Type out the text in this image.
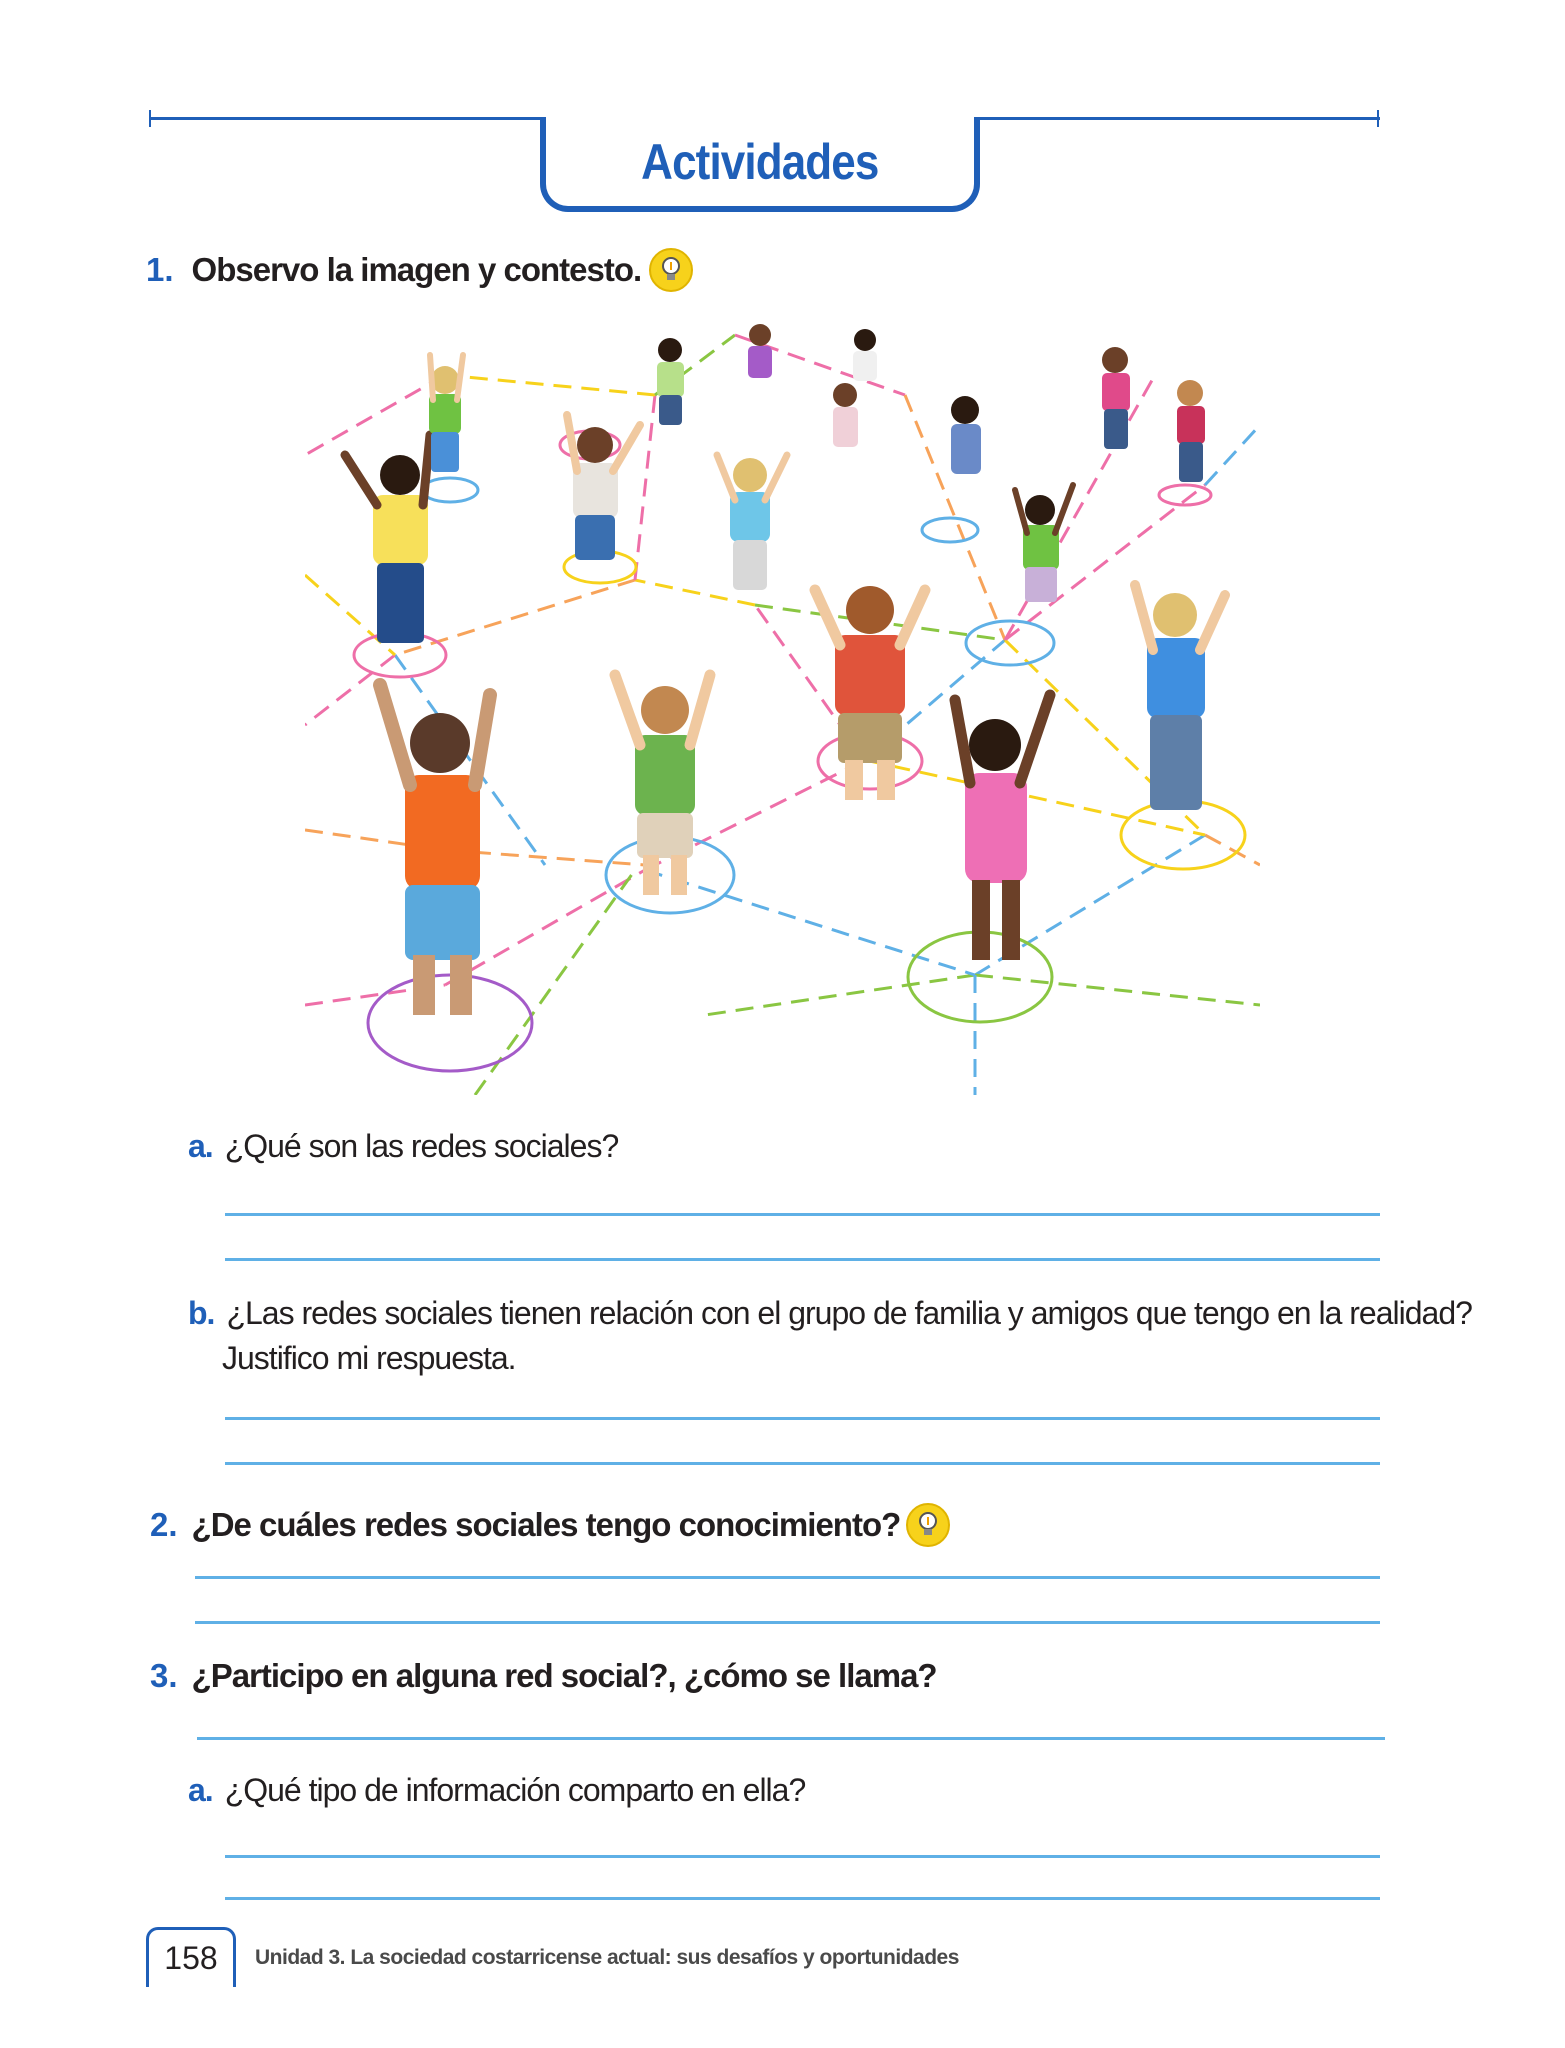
Actividades
1. Observo la imagen y contesto.
a. ¿Qué son las redes sociales?
b. ¿Las redes sociales tienen relación con el grupo de familia y amigos que tengo en la realidad?
Justifico mi respuesta.
2. ¿De cuáles redes sociales tengo conocimiento?
3. ¿Participo en alguna red social?, ¿cómo se llama?
a. ¿Qué tipo de información comparto en ella?
158 Unidad 3. La sociedad costarricense actual: sus desafíos y oportunidades
